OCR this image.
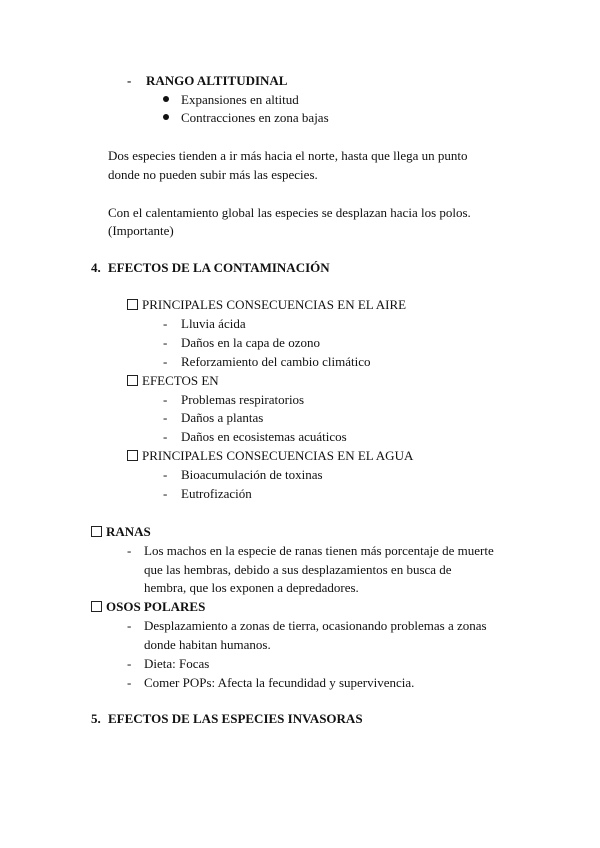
- RANGO ALTITUDINAL
Expansiones en altitud
Contracciones en zona bajas
Dos especies tienden a ir más hacia el norte, hasta que llega un punto
donde no pueden subir más las especies.
Con el calentamiento global las especies se desplazan hacia los polos.
(Importante)
4. EFECTOS DE LA CONTAMINACIÓN
PRINCIPALES CONSECUENCIAS EN EL AIRE
- Lluvia ácida
- Daños en la capa de ozono
- Reforzamiento del cambio climático
EFECTOS EN
- Problemas respiratorios
- Daños a plantas
- Daños en ecosistemas acuáticos
PRINCIPALES CONSECUENCIAS EN EL AGUA
- Bioacumulación de toxinas
- Eutrofización
RANAS
- Los machos en la especie de ranas tienen más porcentaje de muerte
que las hembras, debido a sus desplazamientos en busca de
hembra, que los exponen a depredadores.
OSOS POLARES
- Desplazamiento a zonas de tierra, ocasionando problemas a zonas
donde habitan humanos.
- Dieta: Focas
- Comer POPs: Afecta la fecundidad y supervivencia.
5. EFECTOS DE LAS ESPECIES INVASORAS
